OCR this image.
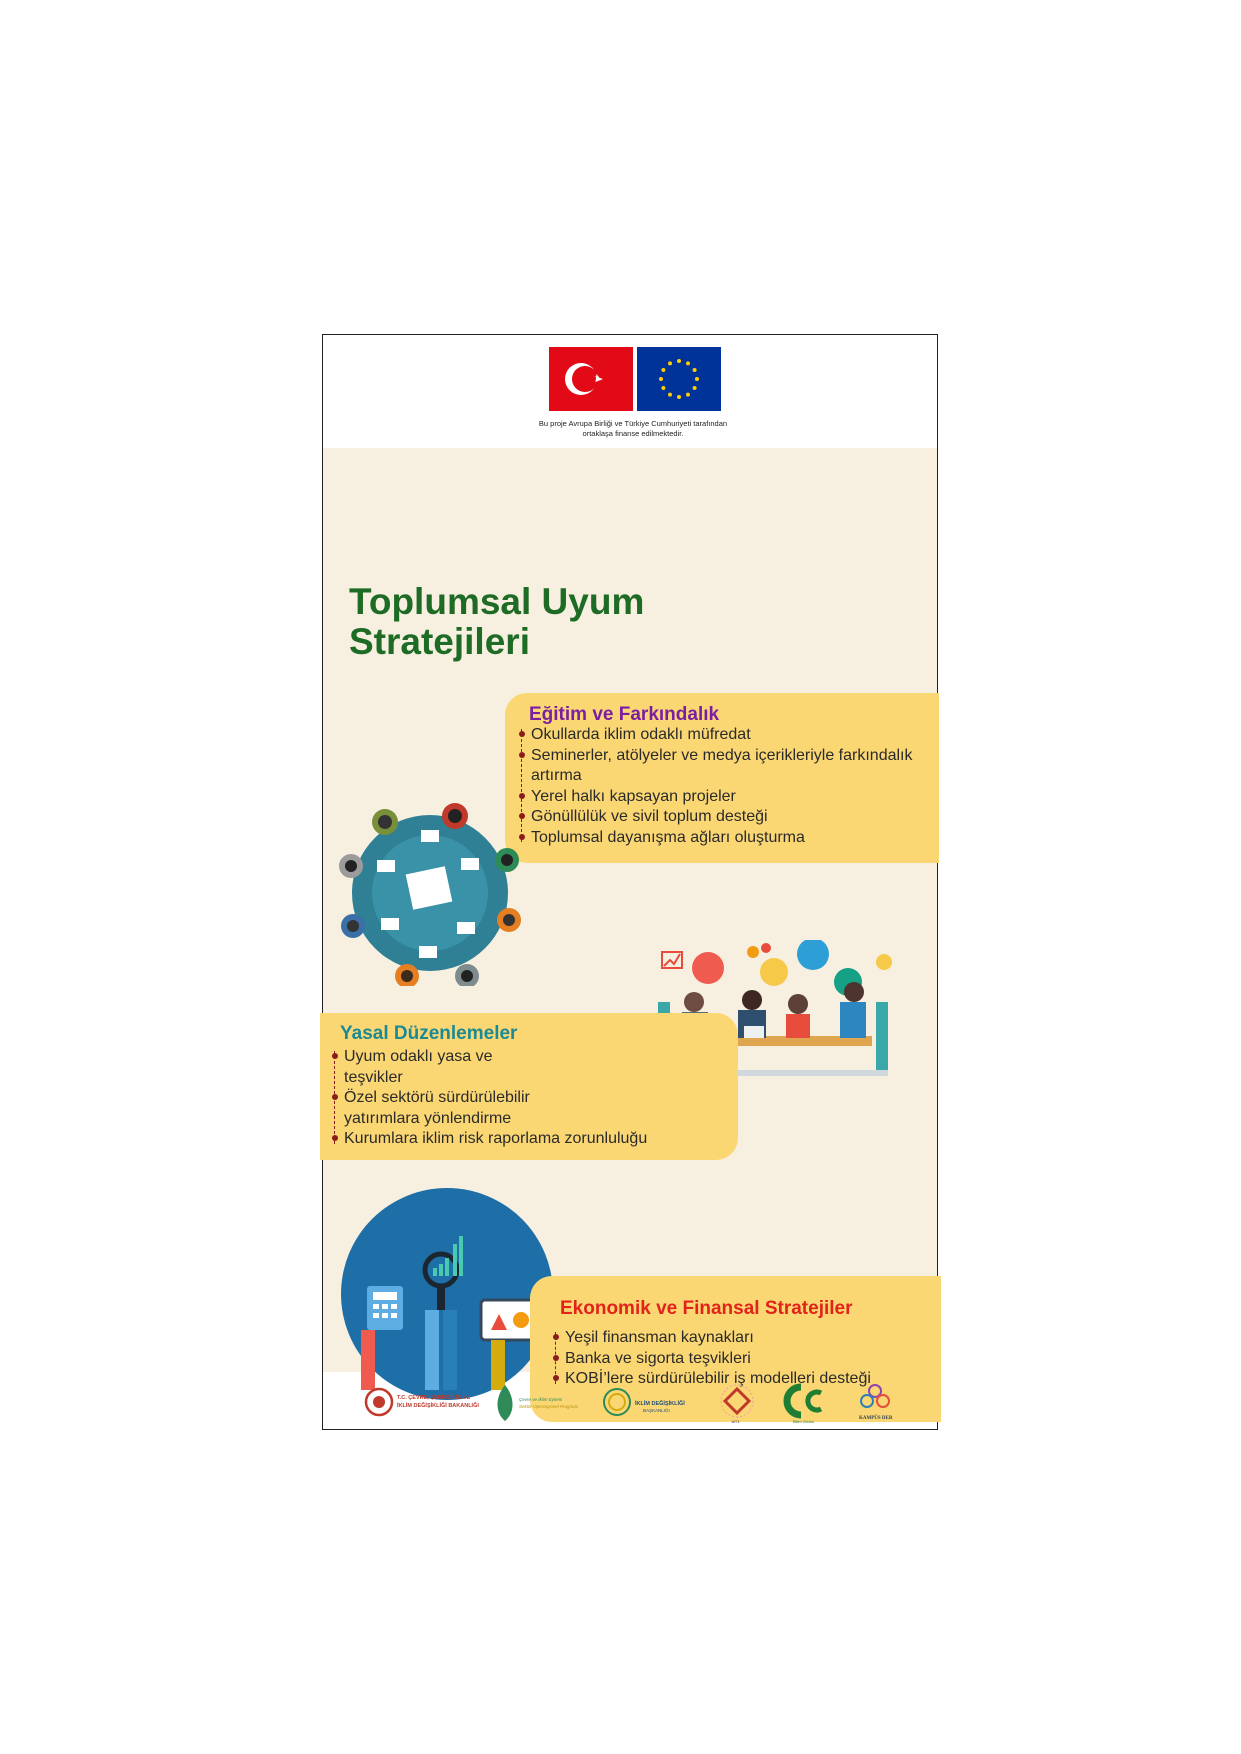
Bu proje Avrupa Birliği ve Türkiye Cumhuriyeti tarafından ortaklaşa finanse edilmektedir.
Toplumsal Uyum Stratejileri
Eğitim ve Farkındalık
Okullarda iklim odaklı müfredat
Seminerler, atölyeler ve medya içerikleriyle farkındalık artırma
Yerel halkı kapsayan projeler
Gönüllülük ve sivil toplum desteği
Toplumsal dayanışma ağları oluşturma
Yasal Düzenlemeler
Uyum odaklı yasa ve teşvikler
Özel sektörü sürdürülebilir yatırımlara yönlendirme
Kurumlara iklim risk raporlama zorunluluğu
Ekonomik ve Finansal Stratejiler
Yeşil finansman kaynakları
Banka ve sigorta teşvikleri
KOBİ’lere sürdürülebilir iş modelleri desteği
T.C. ÇEVRE, ŞEHİRCİLİK VE
İKLİM DEĞİŞİKLİĞİ BAKANLIĞI
Çevre ve İklim Eylemi
Sektör Operasyonel Programı	İKLİM DEĞİŞİKLİĞİ
BAŞKANLIĞI
1871	Bilim Grubu
KAMPÜS DER
